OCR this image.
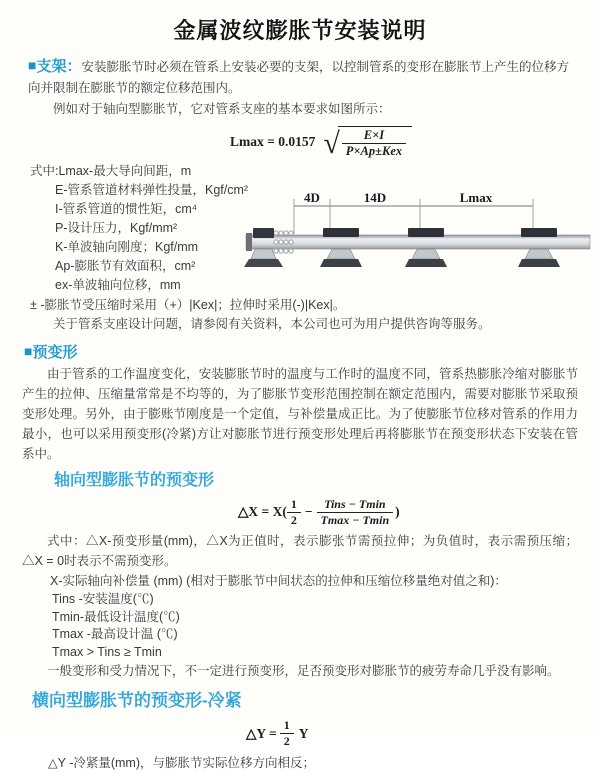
金属波纹膨胀节安装说明

■支架：安装膨胀节时必须在管系上安装必要的支架，以控制管系的变形在膨胀节上产生的位移方向并限制在膨胀节的额定位移范围内。

例如对于轴向型膨胀节，它对管系支座的基本要求如图所示：

Lmax = 0.0157 √ $\frac{E\times I}{\text{P×Ap±Kex}}$
式中:Lmax-最大导向间距，m
E-管系管道材料弹性投量，Kgf/cm²
I-管系管道的惯性矩，cm⁴
P-设计压力，Kgf/mm²
K-单波轴向刚度；Kgf/mm
Ap-膨胀节有效面积，cm²
ex-单波轴向位移，mm
4D	14D	Lmax
± -膨胀节受压缩时采用（+）|Kex|；拉伸时采用(-)|Kex|。
关于管系支座设计问题，请参阅有关资料，本公司也可为用户提供咨询等服务。
■预变形

由于管系的工作温度变化，安装膨胀节时的温度与工作时的温度不同，管系热膨胀冷缩对膨胀节产生的拉伸、压缩量常常是不均等的，为了膨胀节变形范围控制在额定范围内，需要对膨胀节采取预变形处理。另外，由于膨账节刚度是一个定值，与补偿量成正比。为了使膨胀节位移对管系的作用力最小，也可以采用预变形(冷紧)方让对膨胀节进行预变形处理后再将膨胀节在预变形状态下安装在管系中。

轴向型膨胀节的预变形
△X = $X( \frac{1}{2} - \frac{\text{Tins − Tmin}}{Tmax - Tmin}$ )

式中：△X-预变形量(mm)，△X为正值时，表示膨张节需预拉伸；为负值时，表示需预压缩；△X = 0时表示不需预变形。

X-实际轴向补偿量 (mm) (相对于膨胀节中间状态的拉伸和压缩位移量绝对值之和)：
Tins -安装温度(℃)
Tmin-最低设计温度(℃)
Tmax -最高设计温 (℃)
Tmax > Tins ≥ Tmin
一般变形和受力情况下，不一定进行预变形，足否预变形对膨胀节的疲劳寿命几乎没有影响。
横向型膨胀节的预变形-冷紧
△Y = $\frac{1}{2}$ Y
△Y -冷紧量(mm)，与膨胀节实际位移方向相反；
